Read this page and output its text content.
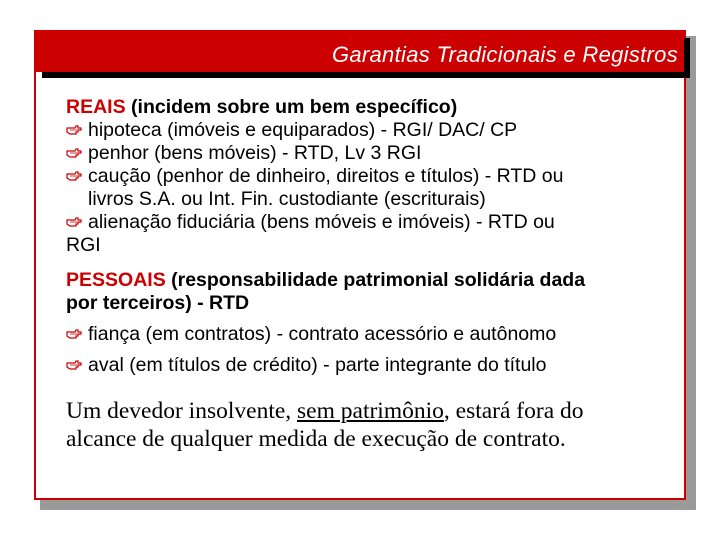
Garantias Tradicionais e Registros

REAIS (incidem sobre um bem específico)

hipoteca (imóveis e equiparados) - RGI/ DAC/ CP

penhor (bens móveis) - RTD, Lv 3 RGI

caução (penhor de dinheiro, direitos e títulos) - RTD ou

livros S.A. ou Int. Fin. custodiante (escriturais)

alienação fiduciária (bens móveis e imóveis) - RTD ou

RGI

PESSOAIS (responsabilidade patrimonial solidária dada

por terceiros) - RTD

fiança (em contratos) - contrato acessório e autônomo

aval (em títulos de crédito) - parte integrante do título

Um devedor insolvente, sem patrimônio, estará fora do

alcance de qualquer medida de execução de contrato.
